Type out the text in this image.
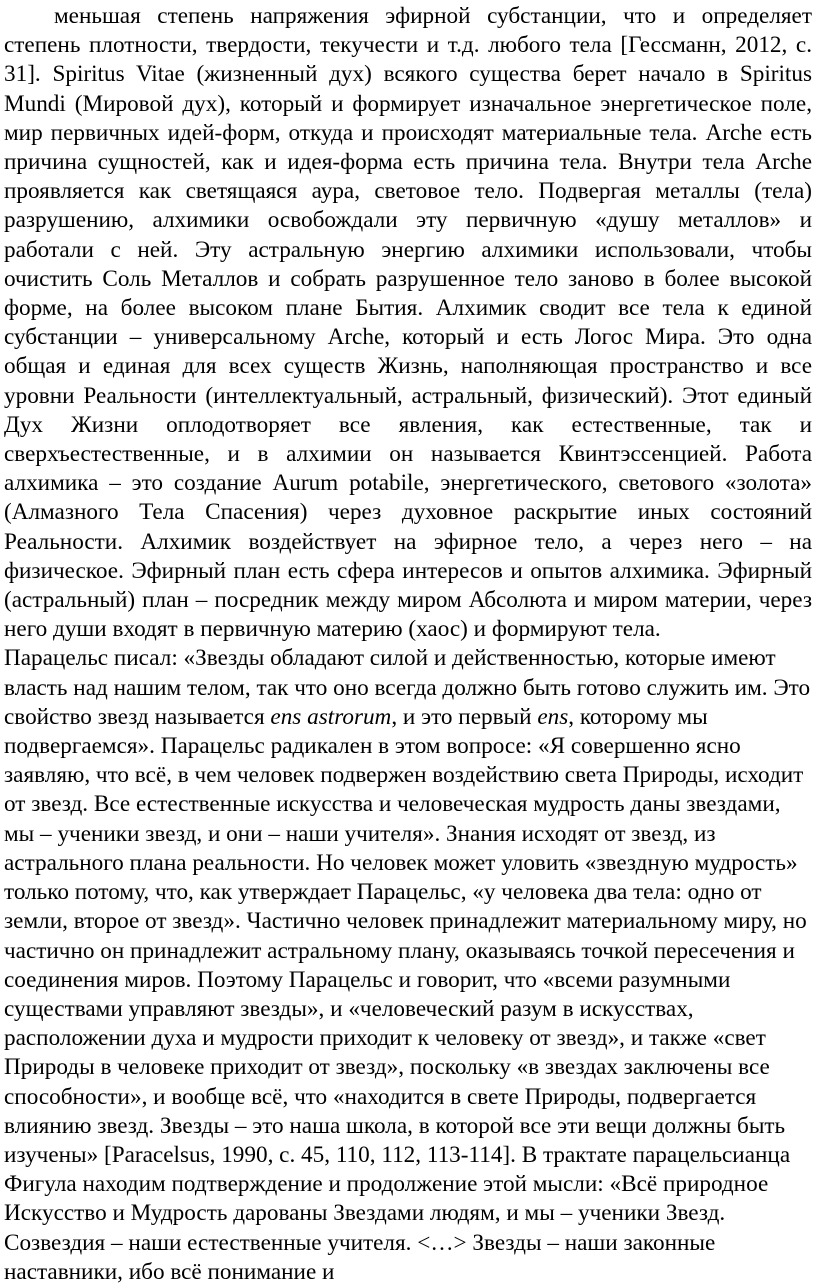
меньшая степень напряжения эфирной субстанции, что и определяет степень плотности, твердости, текучести и т.д. любого тела [Гессманн, 2012, с. 31]. Spiritus Vitae (жизненный дух) всякого существа берет начало в Spiritus Mundi (Мировой дух), который и формирует изначальное энергетическое поле, мир первичных идей-форм, откуда и происходят материальные тела. Arche есть причина сущностей, как и идея-форма есть причина тела. Внутри тела Arche проявляется как светящаяся аура, световое тело. Подвергая металлы (тела) разрушению, алхимики освобождали эту первичную «душу металлов» и работали с ней. Эту астральную энергию алхимики использовали, чтобы очистить Соль Металлов и собрать разрушенное тело заново в более высокой форме, на более высоком плане Бытия. Алхимик сводит все тела к единой субстанции – универсальному Arche, который и есть Логос Мира. Это одна общая и единая для всех существ Жизнь, наполняющая пространство и все уровни Реальности (интеллектуальный, астральный, физический). Этот единый Дух Жизни оплодотворяет все явления, как естественные, так и сверхъестественные, и в алхимии он называется Квинтэссенцией. Работа алхимика – это создание Aurum potabile, энергетического, светового «золота» (Алмазного Тела Спасения) через духовное раскрытие иных состояний Реальности. Алхимик воздействует на эфирное тело, а через него – на физическое. Эфирный план есть сфера интересов и опытов алхимика. Эфирный (астральный) план – посредник между миром Абсолюта и миром материи, через него души входят в первичную материю (хаос) и формируют тела.

Парацельс писал: «Звезды обладают силой и действенностью, которые имеют власть над нашим телом, так что оно всегда должно быть готово служить им. Это свойство звезд называется ens astrorum, и это первый ens, которому мы подвергаемся». Парацельс радикален в этом вопросе: «Я совершенно ясно заявляю, что всё, в чем человек подвержен воздействию света Природы, исходит от звезд. Все естественные искусства и человеческая мудрость даны звездами, мы – ученики звезд, и они – наши учителя». Знания исходят от звезд, из астрального плана реальности. Но человек может уловить «звездную мудрость» только потому, что, как утверждает Парацельс, «у человека два тела: одно от земли, второе от звезд». Частично человек принадлежит материальному миру, но частично он принадлежит астральному плану, оказываясь точкой пересечения и соединения миров. Поэтому Парацельс и говорит, что «всеми разумными существами управляют звезды», и «человеческий разум в искусствах, расположении духа и мудрости приходит к человеку от звезд», и также «свет Природы в человеке приходит от звезд», поскольку «в звездах заключены все способности», и вообще всё, что «находится в свете Природы, подвергается влиянию звезд. Звезды – это наша школа, в которой все эти вещи должны быть изучены» [Paracelsus, 1990, с. 45, 110, 112, 113-114]. В трактате парацельсианца Фигула находим подтверждение и продолжение этой мысли: «Всё природное Искусство и Мудрость дарованы Звездами людям, и мы – ученики Звезд. Созвездия – наши естественные учителя. <…> Звезды – наши законные наставники, ибо всё понимание и
